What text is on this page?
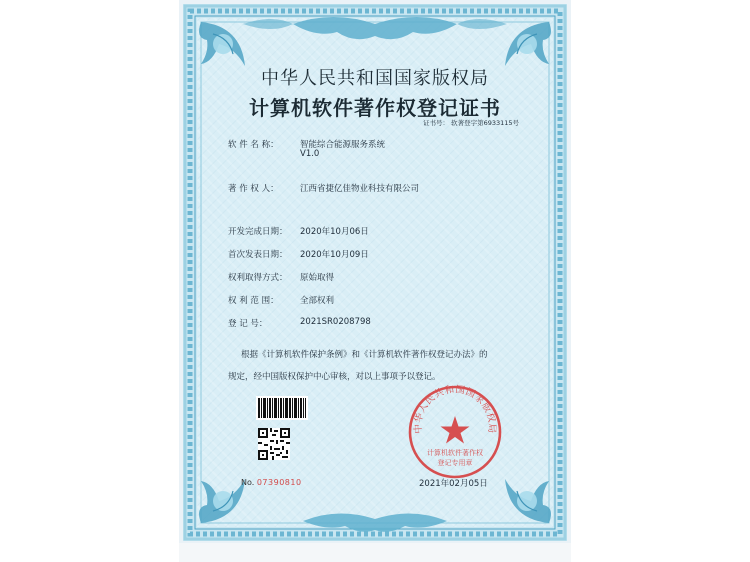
中华人民共和国国家版权局
计算机软件著作权登记证书
证书号： 软著登字第6933115号
软 件 名 称：	智能综合能源服务系统
V1.0
著 作 权 人：	江西省捷亿佳物业科技有限公司
开发完成日期： 2020年10月06日
首次发表日期： 2020年10月09日
权利取得方式： 原始取得
权 利 范 围：	全部权利
登 记 号：	2021SR0208798
根据《计算机软件保护条例》和《计算机软件著作权登记办法》的
规定，经中国版权保护中心审核，对以上事项予以登记。
No. 07390810
中华人民共和国国家版权局
计算机软件著作权
登记专用章
2021年02月05日
